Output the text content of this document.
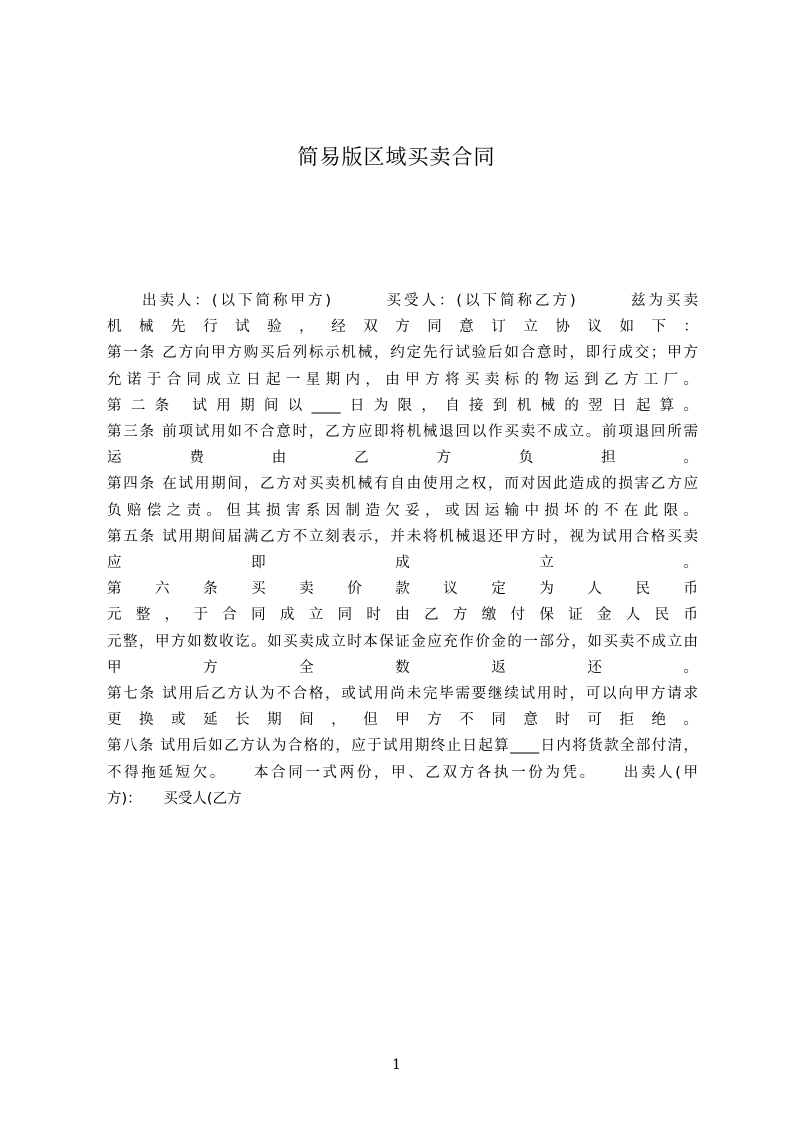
简易版区域买卖合同
　　出卖人：(以下简称甲方)　　　买受人：(以下简称乙方)　　　兹为买卖
机械先行试验，经双方同意订立协议如下：
第一条 乙方向甲方购买后列标示机械，约定先行试验后如合意时，即行成交；甲方
允诺于合同成立日起一星期内，由甲方将买卖标的物运到乙方工厂。
第二条 试用期间以____日为限，自接到机械的翌日起算。
第三条 前项试用如不合意时，乙方应即将机械退回以作买卖不成立。前项退回所需
运费由乙方负担。
第四条 在试用期间，乙方对买卖机械有自由使用之权，而对因此造成的损害乙方应
负赔偿之责。但其损害系因制造欠妥，或因运输中损坏的不在此限。
第五条 试用期间届满乙方不立刻表示，并未将机械退还甲方时，视为试用合格买卖
应即成立。
第六条买卖价款议定为人民币
元整，于合同成立同时由乙方缴付保证金人民币
元整，甲方如数收讫。如买卖成立时本保证金应充作价金的一部分，如买卖不成立由
甲方全数返还。
第七条 试用后乙方认为不合格，或试用尚未完毕需要继续试用时，可以向甲方请求
更换或延长期间，但甲方不同意时可拒绝。
第八条 试用后如乙方认为合格的，应于试用期终止日起算____日内将货款全部付清，
不得拖延短欠。　　本合同一式两份，甲、乙双方各执一份为凭。　　出卖人(甲
方)：　　买受人(乙方
1
